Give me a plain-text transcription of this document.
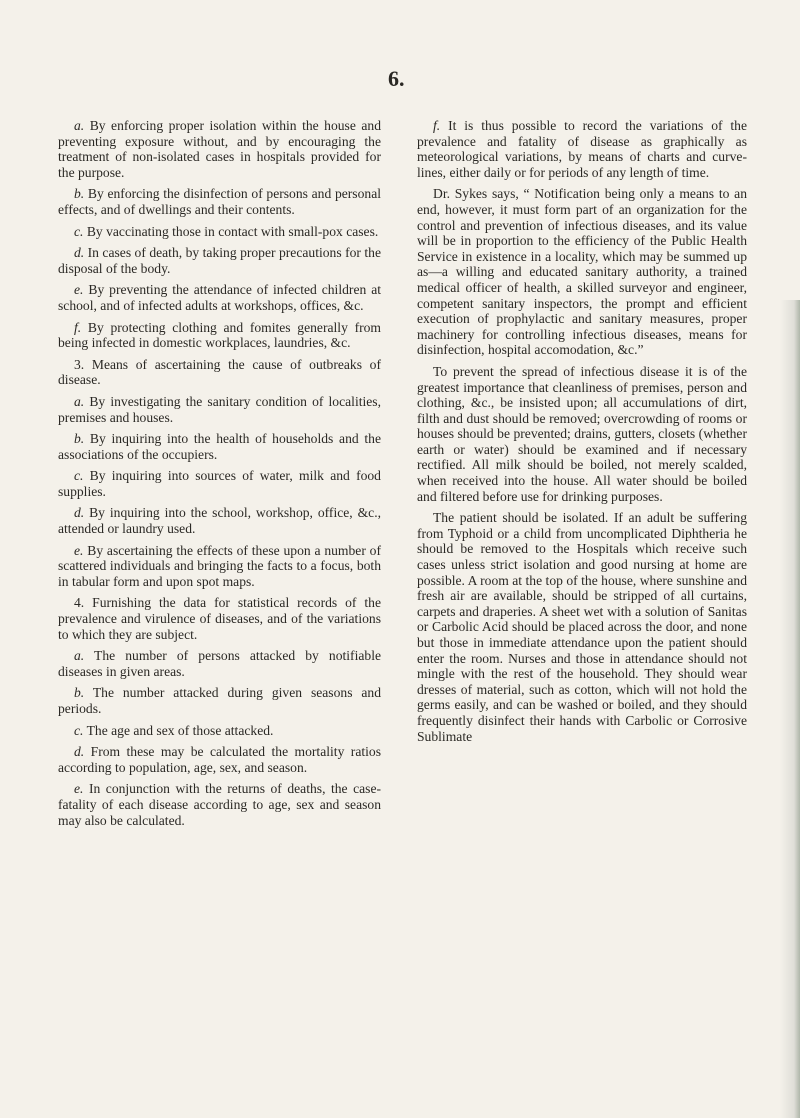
6.

a. By enforcing proper isolation within the house and preventing exposure without, and by encouraging the treatment of non-isolated cases in hospitals provided for the purpose.

b. By enforcing the disinfection of persons and personal effects, and of dwellings and their contents.

c. By vaccinating those in contact with small-pox cases.

d. In cases of death, by taking proper precautions for the disposal of the body.

e. By preventing the attendance of infected children at school, and of infected adults at workshops, offices, &c.

f. By protecting clothing and fomites generally from being infected in domestic workplaces, laundries, &c.

3. Means of ascertaining the cause of outbreaks of disease.

a. By investigating the sanitary condition of localities, premises and houses.

b. By inquiring into the health of households and the associations of the occupiers.

c. By inquiring into sources of water, milk and food supplies.

d. By inquiring into the school, workshop, office, &c., attended or laundry used.

e. By ascertaining the effects of these upon a number of scattered individuals and bringing the facts to a focus, both in tabular form and upon spot maps.

4. Furnishing the data for statistical records of the prevalence and virulence of diseases, and of the variations to which they are subject.

a. The number of persons attacked by notifiable diseases in given areas.

b. The number attacked during given seasons and periods.

c. The age and sex of those attacked.

d. From these may be calculated the mortality ratios according to population, age, sex, and season.

e. In conjunction with the returns of deaths, the case-fatality of each disease according to age, sex and season may also be calculated.

f. It is thus possible to record the variations of the prevalence and fatality of disease as graphically as meteorological variations, by means of charts and curve-lines, either daily or for periods of any length of time.

Dr. Sykes says, “ Notification being only a means to an end, however, it must form part of an organization for the control and prevention of infectious diseases, and its value will be in proportion to the efficiency of the Public Health Service in existence in a locality, which may be summed up as—a willing and educated sanitary authority, a trained medical officer of health, a skilled surveyor and engineer, competent sanitary inspectors, the prompt and efficient execution of prophylactic and sanitary measures, proper machinery for controlling infectious diseases, means for disinfection, hospital accomodation, &c.”

To prevent the spread of infectious disease it is of the greatest importance that cleanliness of premises, person and clothing, &c., be insisted upon; all accumulations of dirt, filth and dust should be removed; overcrowding of rooms or houses should be prevented; drains, gutters, closets (whether earth or water) should be examined and if necessary rectified. All milk should be boiled, not merely scalded, when received into the house. All water should be boiled and filtered before use for drinking purposes.

The patient should be isolated. If an adult be suffering from Typhoid or a child from uncomplicated Diphtheria he should be removed to the Hospitals which receive such cases unless strict isolation and good nursing at home are possible. A room at the top of the house, where sunshine and fresh air are available, should be stripped of all curtains, carpets and draperies. A sheet wet with a solution of Sanitas or Carbolic Acid should be placed across the door, and none but those in immediate attendance upon the patient should enter the room. Nurses and those in attendance should not mingle with the rest of the household. They should wear dresses of material, such as cotton, which will not hold the germs easily, and can be washed or boiled, and they should frequently disinfect their hands with Carbolic or Corrosive Sublimate
